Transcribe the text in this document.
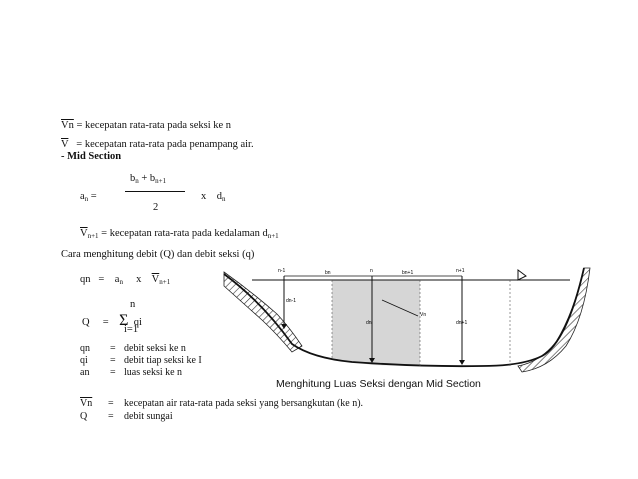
$\overline{Vn}$ = kecepatan rata-rata pada seksi ke n
$\overline{V}$ = kecepatan rata-rata pada penampang air.
- Mid Section
$a_n$ =
$b_n + b_{n+1}$
2
x $d_n$
$\overline{V}_{n+1}$ = kecepatan rata-rata pada kedalaman $d_{n+1}$
Cara menghitung debit (Q) dan debit seksi (q)
qn = $a_n$ x $\overline{V}_{n+1}$
n
Q = Σ qi
i=1
qn = debit seksi ke n
qi = debit tiap seksi ke I
an = luas seksi ke n
$\overline{Vn}$ = kecepatan air rata-rata pada seksi yang bersangkutan (ke n).
Q = debit sungai
n-1	bn	n	bn+1	n+1
dn-1
dn
Vn
dn+1
Menghitung Luas Seksi dengan Mid Section
